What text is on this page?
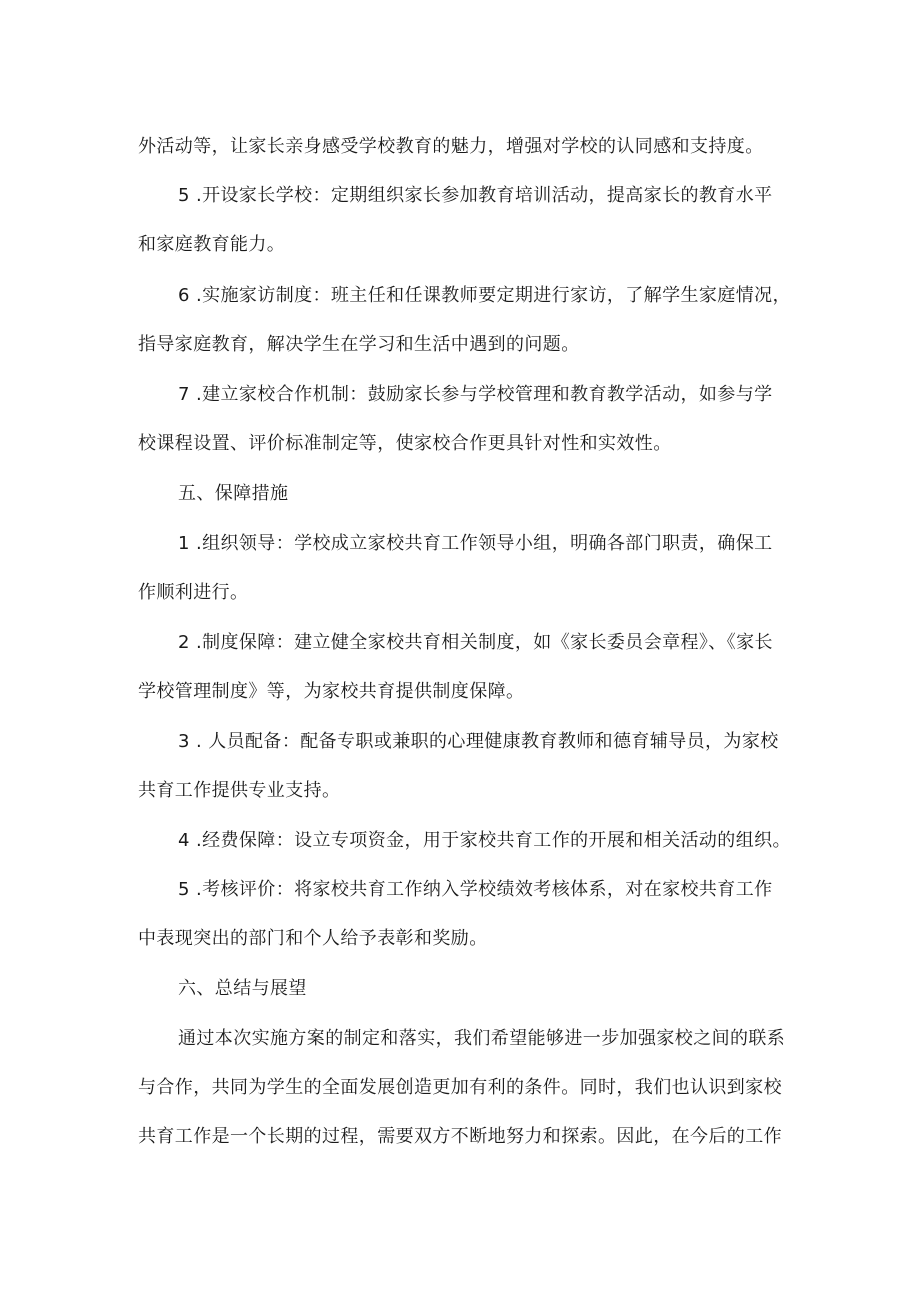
外活动等，让家长亲身感受学校教育的魅力，增强对学校的认同感和支持度。
5 .开设家长学校：定期组织家长参加教育培训活动，提高家长的教育水平
和家庭教育能力。
6 .实施家访制度：班主任和任课教师要定期进行家访，了解学生家庭情况，
指导家庭教育，解决学生在学习和生活中遇到的问题。
7 .建立家校合作机制：鼓励家长参与学校管理和教育教学活动，如参与学
校课程设置、评价标准制定等，使家校合作更具针对性和实效性。
五、保障措施
1 .组织领导：学校成立家校共育工作领导小组，明确各部门职责，确保工
作顺利进行。
2 .制度保障：建立健全家校共育相关制度，如《家长委员会章程》、《家长
学校管理制度》等，为家校共育提供制度保障。
3 . 人员配备：配备专职或兼职的心理健康教育教师和德育辅导员，为家校
共育工作提供专业支持。
4 .经费保障：设立专项资金，用于家校共育工作的开展和相关活动的组织。
5 .考核评价：将家校共育工作纳入学校绩效考核体系，对在家校共育工作
中表现突出的部门和个人给予表彰和奖励。
六、总结与展望
通过本次实施方案的制定和落实，我们希望能够进一步加强家校之间的联系
与合作，共同为学生的全面发展创造更加有利的条件。同时，我们也认识到家校
共育工作是一个长期的过程，需要双方不断地努力和探索。因此，在今后的工作
